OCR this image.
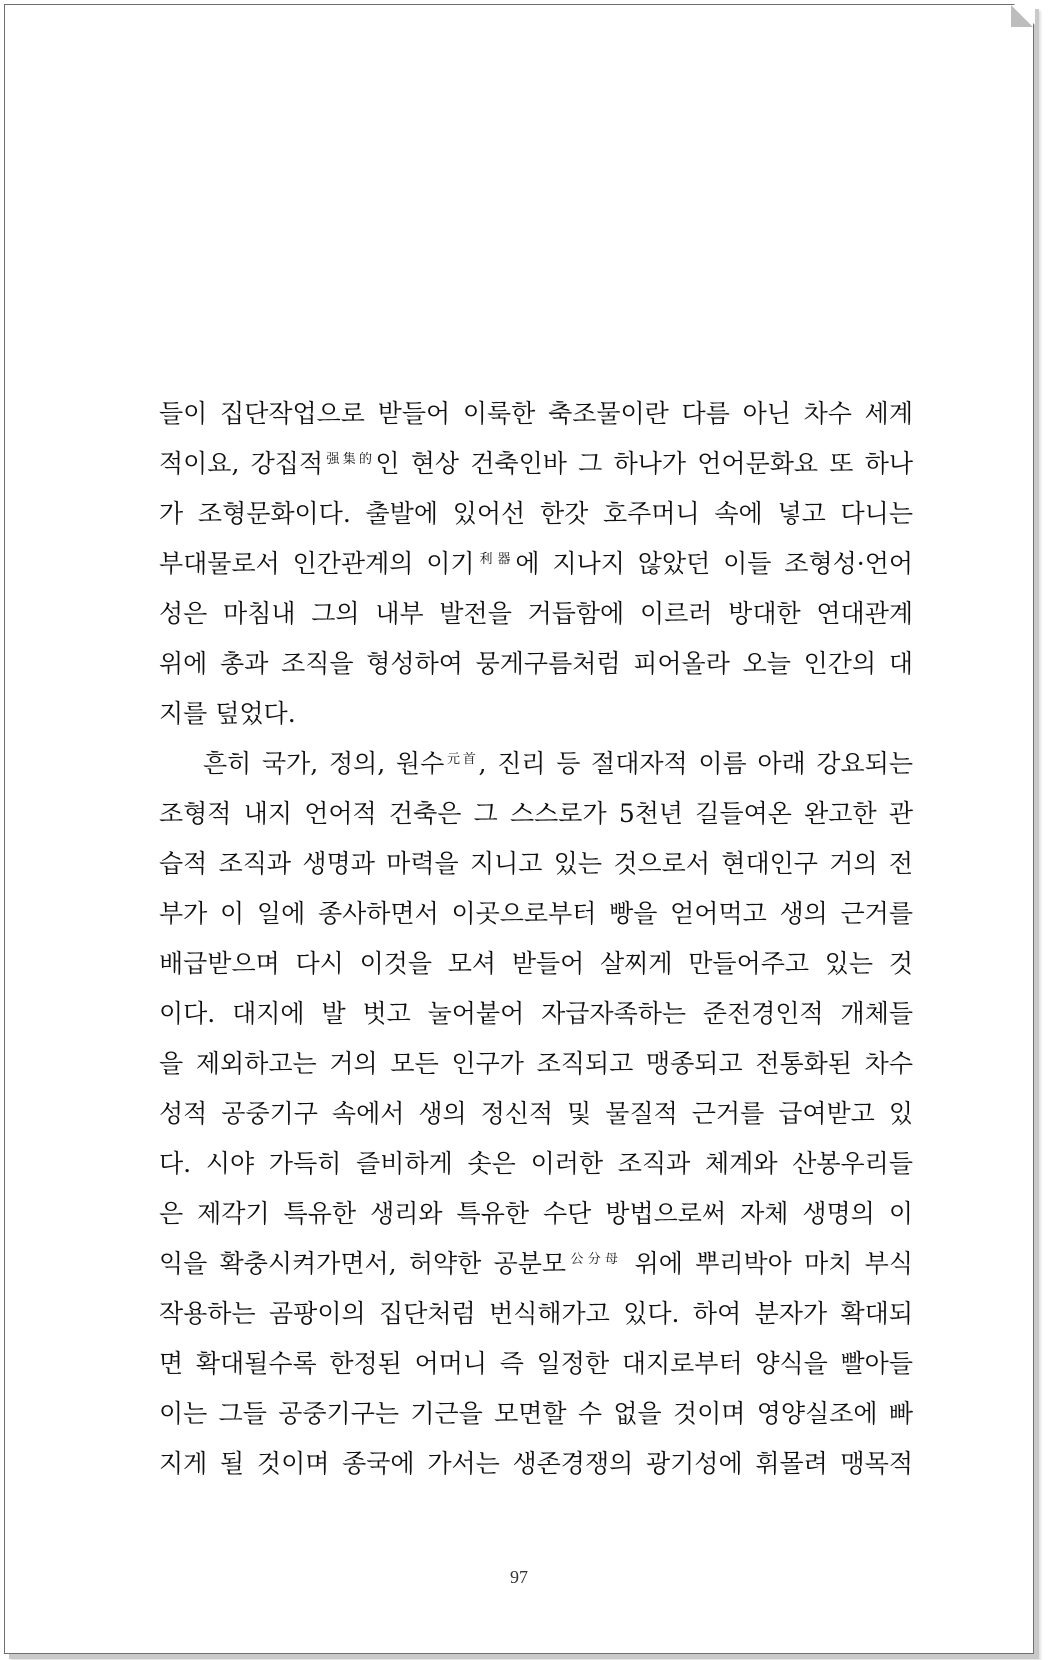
들이 집단작업으로 받들어 이룩한 축조물이란 다름 아닌 차수 세계
적이요, 강집적$^{强集的}$인 현상 건축인바 그 하나가 언어문화요 또 하나
가 조형문화이다. 출발에 있어선 한갓 호주머니 속에 넣고 다니는
부대물로서 인간관계의 이기$^{利器}$에 지나지 않았던 이들 조형성·언어
성은 마침내 그의 내부 발전을 거듭함에 이르러 방대한 연대관계
위에 총과 조직을 형성하여 뭉게구름처럼 피어올라 오늘 인간의 대
지를 덮었다.
흔히 국가, 정의, 원수$^{元首}$, 진리 등 절대자적 이름 아래 강요되는
조형적 내지 언어적 건축은 그 스스로가 5천년 길들여온 완고한 관
습적 조직과 생명과 마력을 지니고 있는 것으로서 현대인구 거의 전
부가 이 일에 종사하면서 이곳으로부터 빵을 얻어먹고 생의 근거를
배급받으며 다시 이것을 모셔 받들어 살찌게 만들어주고 있는 것
이다. 대지에 발 벗고 눌어붙어 자급자족하는 준전경인적 개체들
을 제외하고는 거의 모든 인구가 조직되고 맹종되고 전통화된 차수
성적 공중기구 속에서 생의 정신적 및 물질적 근거를 급여받고 있
다. 시야 가득히 즐비하게 솟은 이러한 조직과 체계와 산봉우리들
은 제각기 특유한 생리와 특유한 수단 방법으로써 자체 생명의 이
익을 확충시켜가면서, 허약한 공분모$^{公分母}$ 위에 뿌리박아 마치 부식
작용하는 곰팡이의 집단처럼 번식해가고 있다. 하여 분자가 확대되
면 확대될수록 한정된 어머니 즉 일정한 대지로부터 양식을 빨아들
이는 그들 공중기구는 기근을 모면할 수 없을 것이며 영양실조에 빠
지게 될 것이며 종국에 가서는 생존경쟁의 광기성에 휘몰려 맹목적
97
